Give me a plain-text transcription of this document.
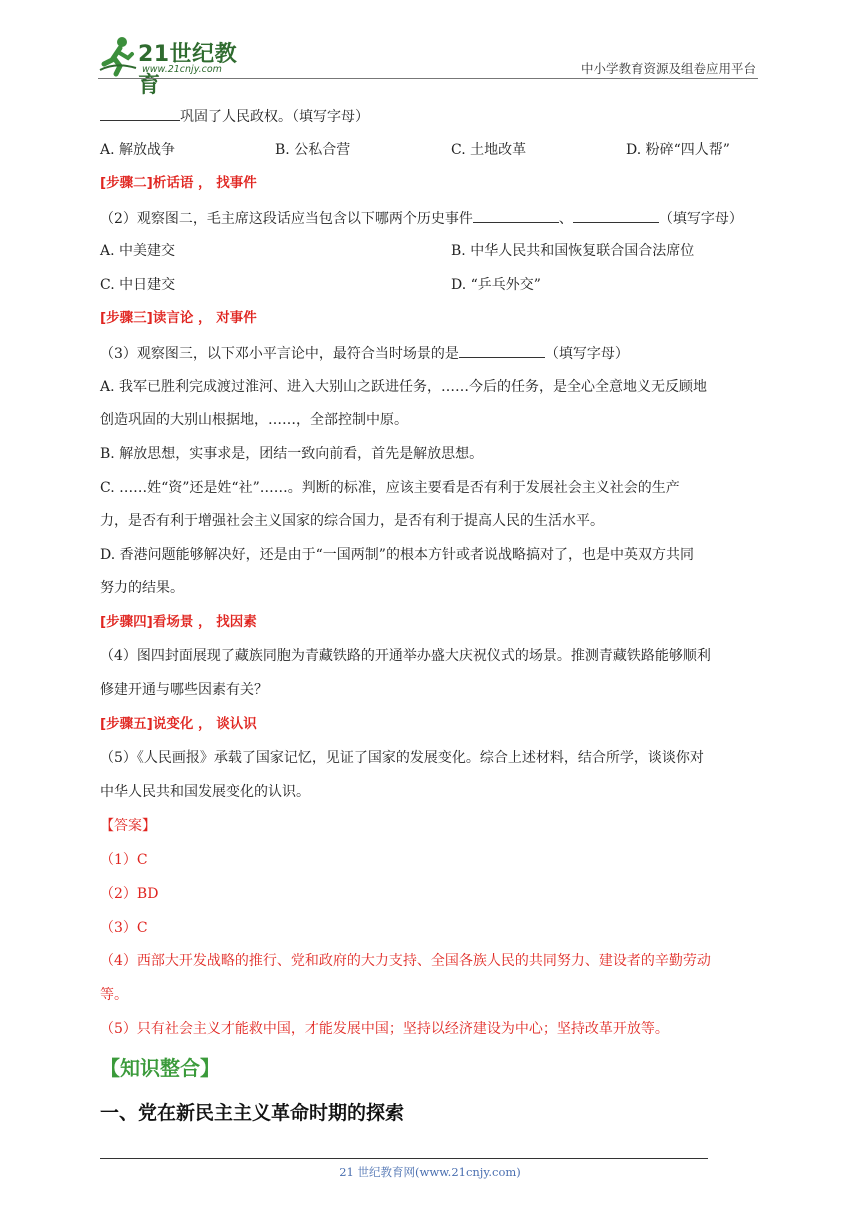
21世纪教育
www.21cnjy.com	中小学教育资源及组卷应用平台
巩固了人民政权。（填写字母）
A. 解放战争	B. 公私合营	C. 土地改革	D. 粉碎“四人帮”
[步骤二]析话语 ， 找事件
（2）观察图二，毛主席这段话应当包含以下哪两个历史事件	、	（填写字母）
A. 中美建交	B. 中华人民共和国恢复联合国合法席位
C. 中日建交	D. “乒乓外交”
[步骤三]读言论 ， 对事件
（3）观察图三，以下邓小平言论中，最符合当时场景的是	（填写字母）
A. 我军已胜利完成渡过淮河、进入大别山之跃进任务，……今后的任务，是全心全意地义无反顾地
创造巩固的大别山根据地，……，全部控制中原。
B. 解放思想，实事求是，团结一致向前看，首先是解放思想。
C. ……姓“资”还是姓“社”……。判断的标准，应该主要看是否有利于发展社会主义社会的生产
力，是否有利于增强社会主义国家的综合国力，是否有利于提高人民的生活水平。
D. 香港问题能够解决好，还是由于“一国两制”的根本方针或者说战略搞对了，也是中英双方共同
努力的结果。
[步骤四]看场景 ， 找因素
（4）图四封面展现了藏族同胞为青藏铁路的开通举办盛大庆祝仪式的场景。推测青藏铁路能够顺利
修建开通与哪些因素有关？
[步骤五]说变化 ， 谈认识
（5）《人民画报》承载了国家记忆，见证了国家的发展变化。综合上述材料，结合所学，谈谈你对
中华人民共和国发展变化的认识。
【答案】
（1）C
（2）BD
（3）C
（4）西部大开发战略的推行、党和政府的大力支持、全国各族人民的共同努力、建设者的辛勤劳动
等。
（5）只有社会主义才能救中国，才能发展中国；坚持以经济建设为中心；坚持改革开放等。
【知识整合】
一、党在新民主主义革命时期的探索
21 世纪教育网(www.21cnjy.com)
